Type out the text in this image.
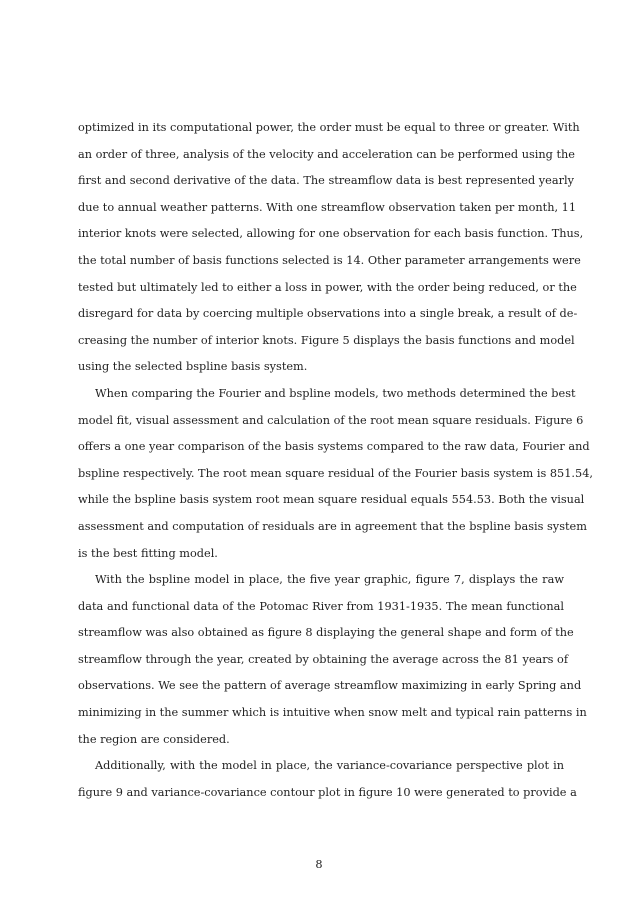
optimized in its computational power, the order must be equal to three or greater. With
an order of three, analysis of the velocity and acceleration can be performed using the
first and second derivative of the data. The streamflow data is best represented yearly
due to annual weather patterns. With one streamflow observation taken per month, 11
interior knots were selected, allowing for one observation for each basis function. Thus,
the total number of basis functions selected is 14. Other parameter arrangements were
tested but ultimately led to either a loss in power, with the order being reduced, or the
disregard for data by coercing multiple observations into a single break, a result of de-
creasing the number of interior knots. Figure 5 displays the basis functions and model
using the selected bspline basis system.
When comparing the Fourier and bspline models, two methods determined the best
model fit, visual assessment and calculation of the root mean square residuals. Figure 6
offers a one year comparison of the basis systems compared to the raw data, Fourier and
bspline respectively. The root mean square residual of the Fourier basis system is 851.54,
while the bspline basis system root mean square residual equals 554.53. Both the visual
assessment and computation of residuals are in agreement that the bspline basis system
is the best fitting model.
With the bspline model in place, the five year graphic, figure 7, displays the raw
data and functional data of the Potomac River from 1931-1935. The mean functional
streamflow was also obtained as figure 8 displaying the general shape and form of the
streamflow through the year, created by obtaining the average across the 81 years of
observations. We see the pattern of average streamflow maximizing in early Spring and
minimizing in the summer which is intuitive when snow melt and typical rain patterns in
the region are considered.
Additionally, with the model in place, the variance-covariance perspective plot in
figure 9 and variance-covariance contour plot in figure 10 were generated to provide a
8
